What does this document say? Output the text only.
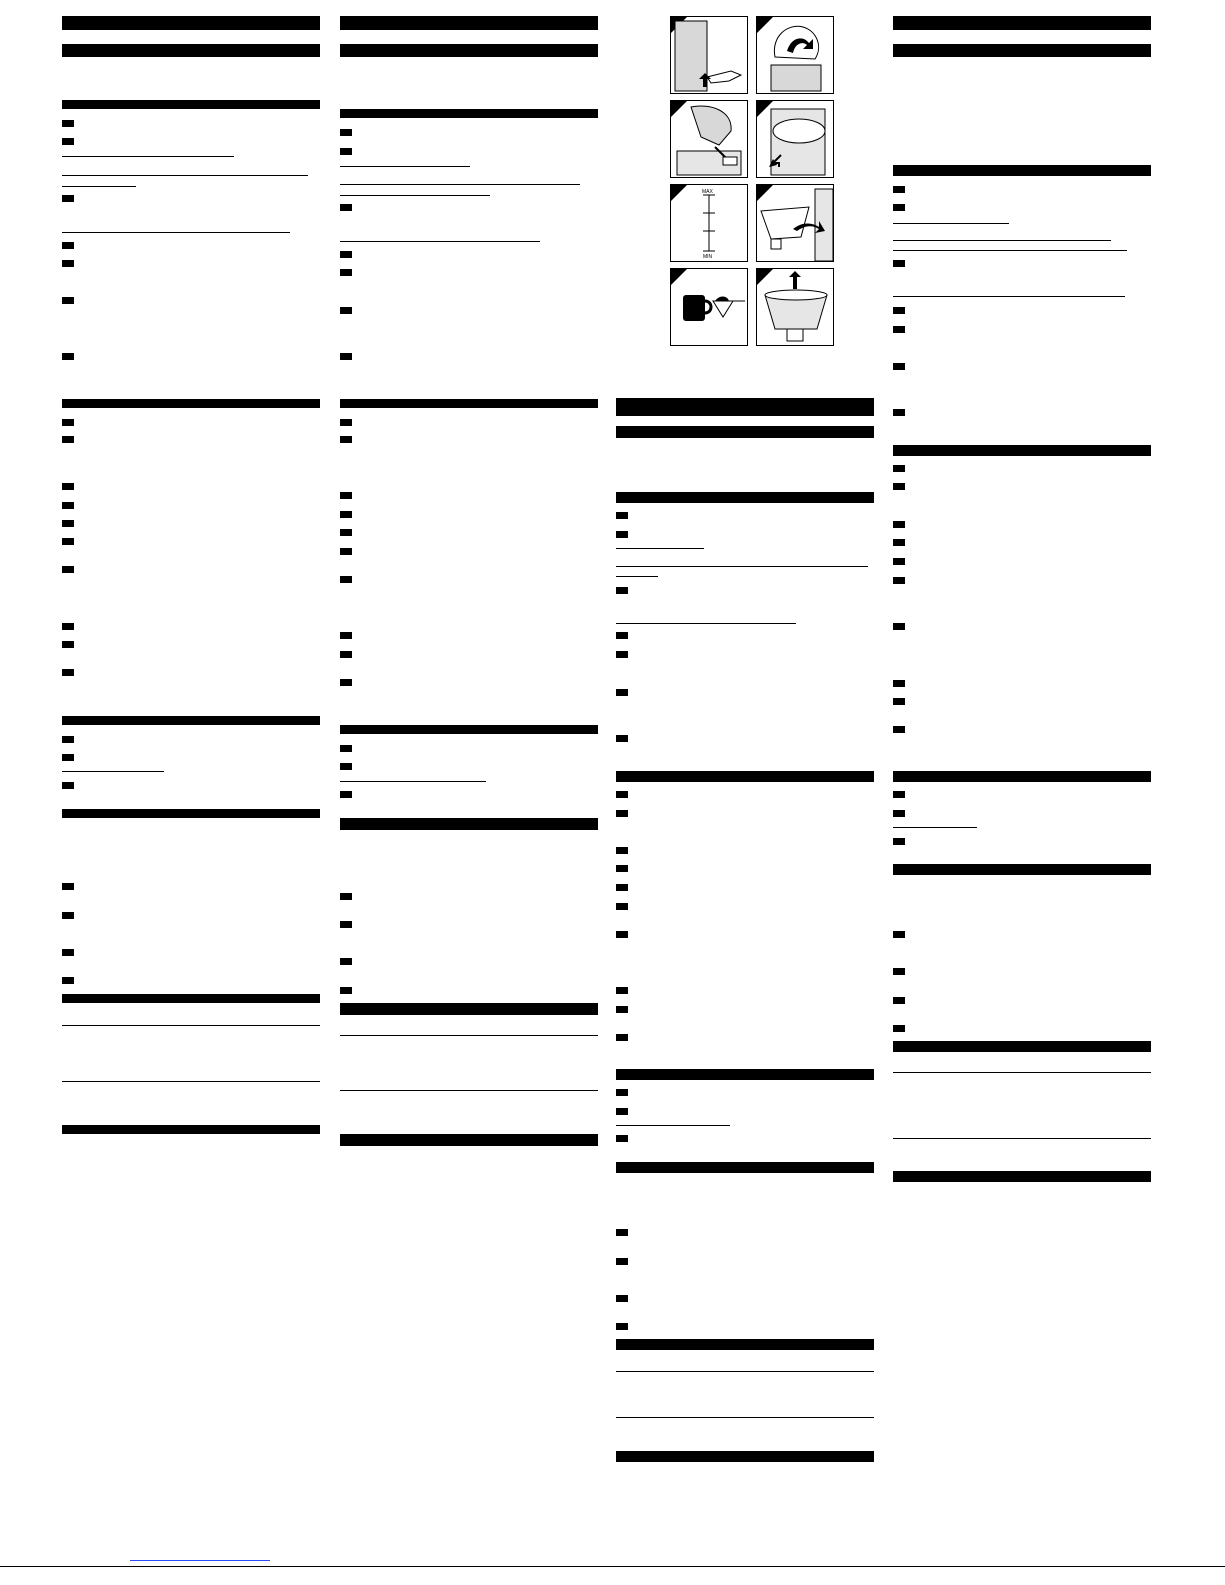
MAX
MIN
